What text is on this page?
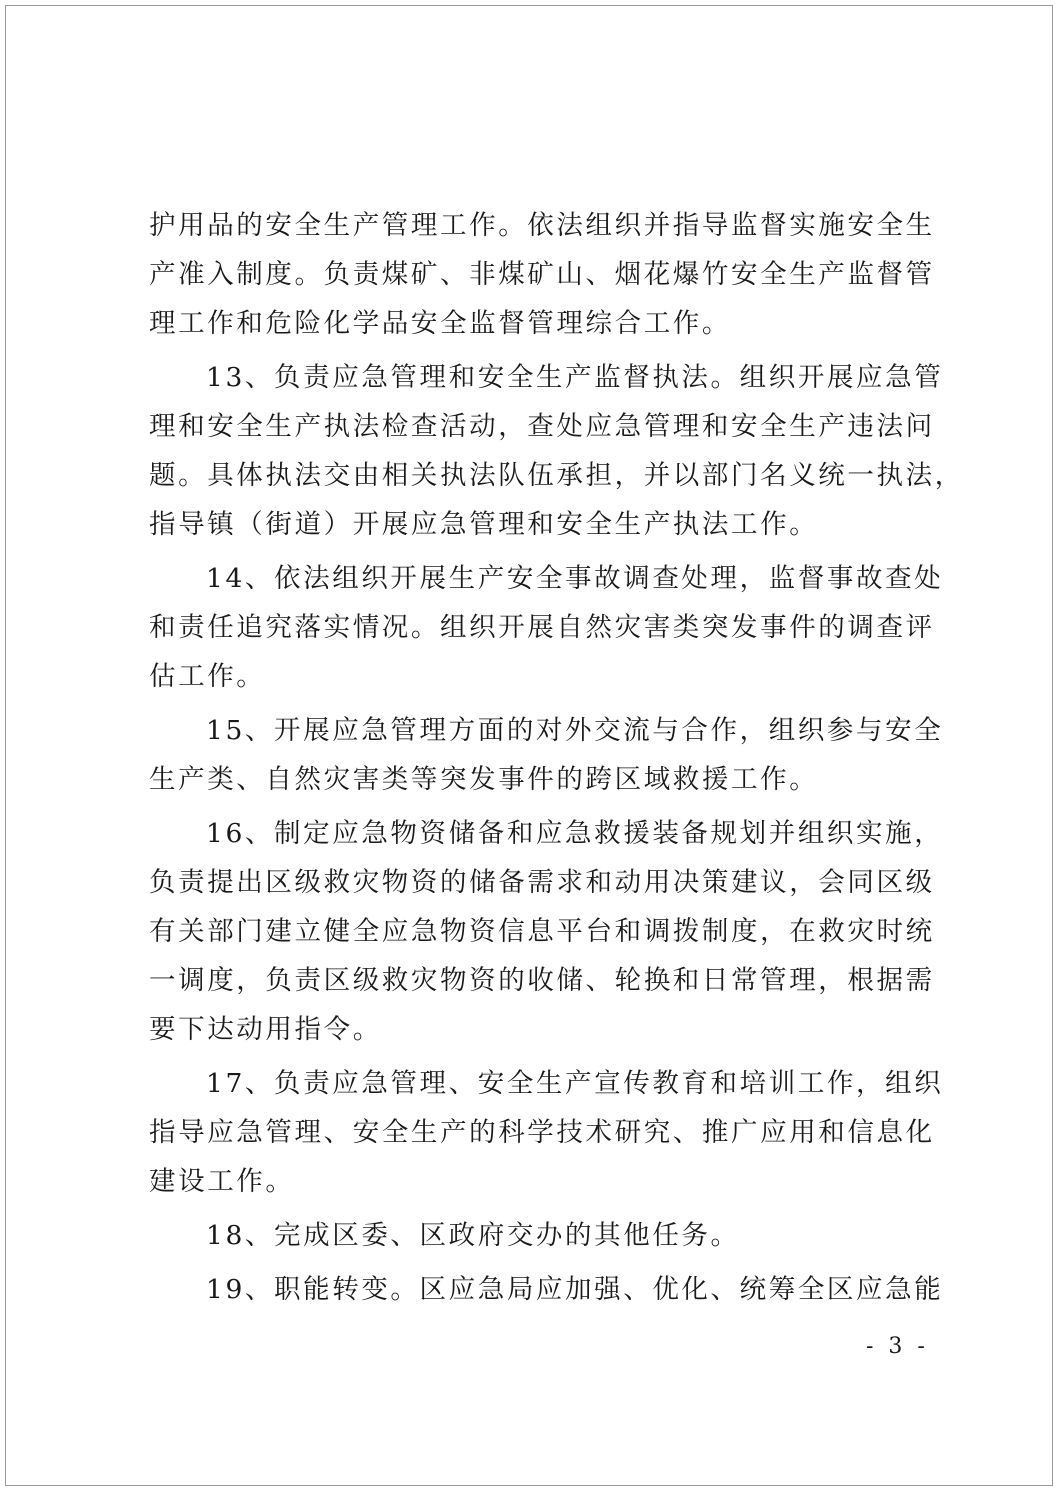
护用品的安全生产管理工作。依法组织并指导监督实施安全生
产准入制度。负责煤矿、非煤矿山、烟花爆竹安全生产监督管
理工作和危险化学品安全监督管理综合工作。
13、负责应急管理和安全生产监督执法。组织开展应急管
理和安全生产执法检查活动，查处应急管理和安全生产违法问
题。具体执法交由相关执法队伍承担，并以部门名义统一执法，
指导镇（街道）开展应急管理和安全生产执法工作。
14、依法组织开展生产安全事故调查处理，监督事故查处
和责任追究落实情况。组织开展自然灾害类突发事件的调查评
估工作。
15、开展应急管理方面的对外交流与合作，组织参与安全
生产类、自然灾害类等突发事件的跨区域救援工作。
16、制定应急物资储备和应急救援装备规划并组织实施，
负责提出区级救灾物资的储备需求和动用决策建议，会同区级
有关部门建立健全应急物资信息平台和调拨制度，在救灾时统
一调度，负责区级救灾物资的收储、轮换和日常管理，根据需
要下达动用指令。
17、负责应急管理、安全生产宣传教育和培训工作，组织
指导应急管理、安全生产的科学技术研究、推广应用和信息化
建设工作。
18、完成区委、区政府交办的其他任务。
19、职能转变。区应急局应加强、优化、统筹全区应急能
- 3 -
